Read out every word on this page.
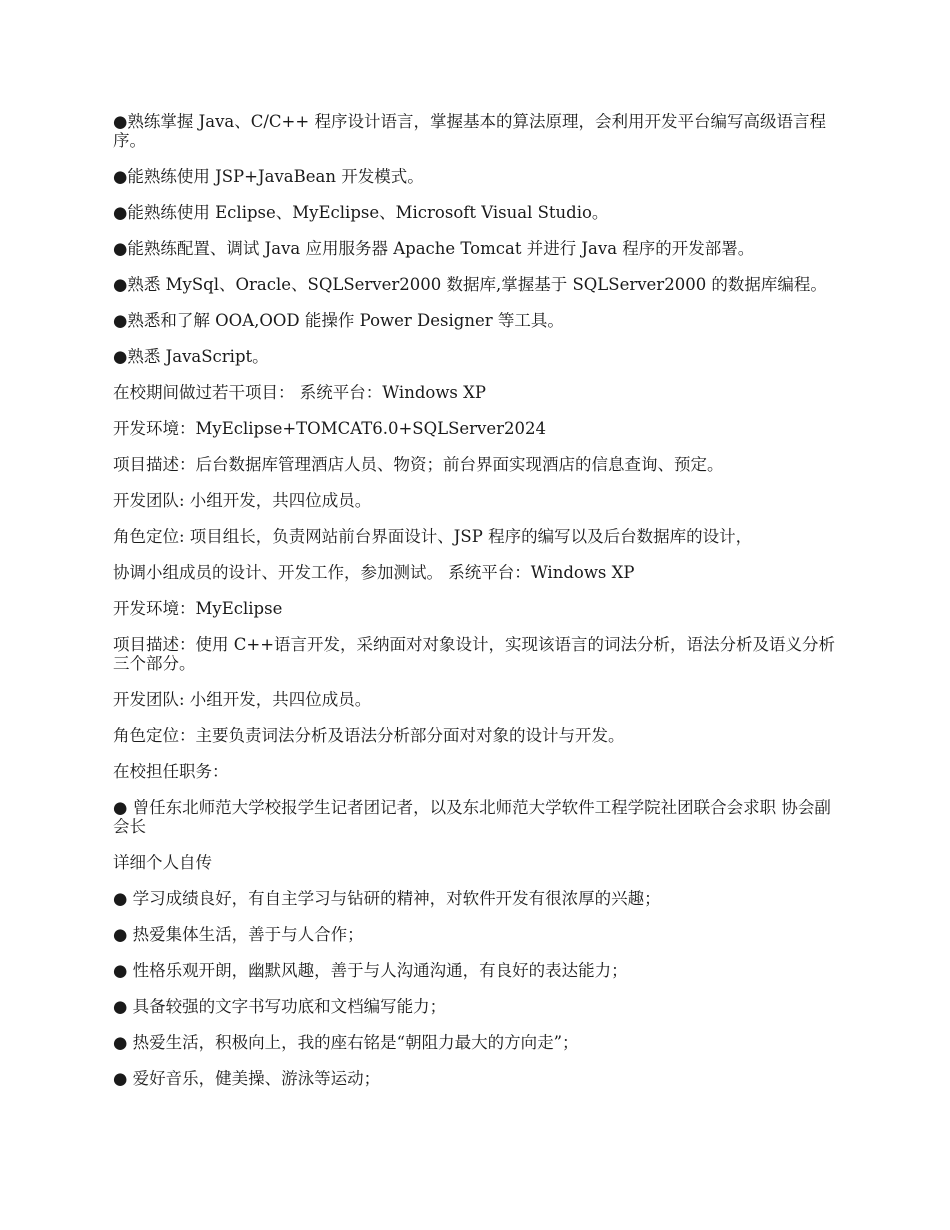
●熟练掌握 Java、C/C++ 程序设计语言，掌握基本的算法原理，会利用开发平台编写高级语言程序。

●能熟练使用 JSP+JavaBean 开发模式。

●能熟练使用 Eclipse、MyEclipse、Microsoft Visual Studio。

●能熟练配置、调试 Java 应用服务器 Apache Tomcat 并进行 Java 程序的开发部署。

●熟悉 MySql、Oracle、SQLServer2000 数据库,掌握基于 SQLServer2000 的数据库编程。

●熟悉和了解 OOA,OOD 能操作 Power Designer 等工具。

●熟悉 JavaScript。

在校期间做过若干项目： 系统平台：Windows XP

开发环境：MyEclipse+TOMCAT6.0+SQLServer2024

项目描述：后台数据库管理酒店人员、物资；前台界面实现酒店的信息查询、预定。

开发团队: 小组开发，共四位成员。

角色定位: 项目组长，负责网站前台界面设计、JSP 程序的编写以及后台数据库的设计，

协调小组成员的设计、开发工作，参加测试。 系统平台：Windows XP

开发环境：MyEclipse

项目描述：使用 C++语言开发，采纳面对对象设计，实现该语言的词法分析，语法分析及语义分析三个部分。

开发团队: 小组开发，共四位成员。

角色定位：主要负责词法分析及语法分析部分面对对象的设计与开发。

在校担任职务：

● 曾任东北师范大学校报学生记者团记者，以及东北师范大学软件工程学院社团联合会求职 协会副会长

详细个人自传

● 学习成绩良好，有自主学习与钻研的精神，对软件开发有很浓厚的兴趣；

● 热爱集体生活，善于与人合作；

● 性格乐观开朗，幽默风趣，善于与人沟通沟通，有良好的表达能力；

● 具备较强的文字书写功底和文档编写能力；

● 热爱生活，积极向上，我的座右铭是“朝阻力最大的方向走”；

● 爱好音乐，健美操、游泳等运动；
